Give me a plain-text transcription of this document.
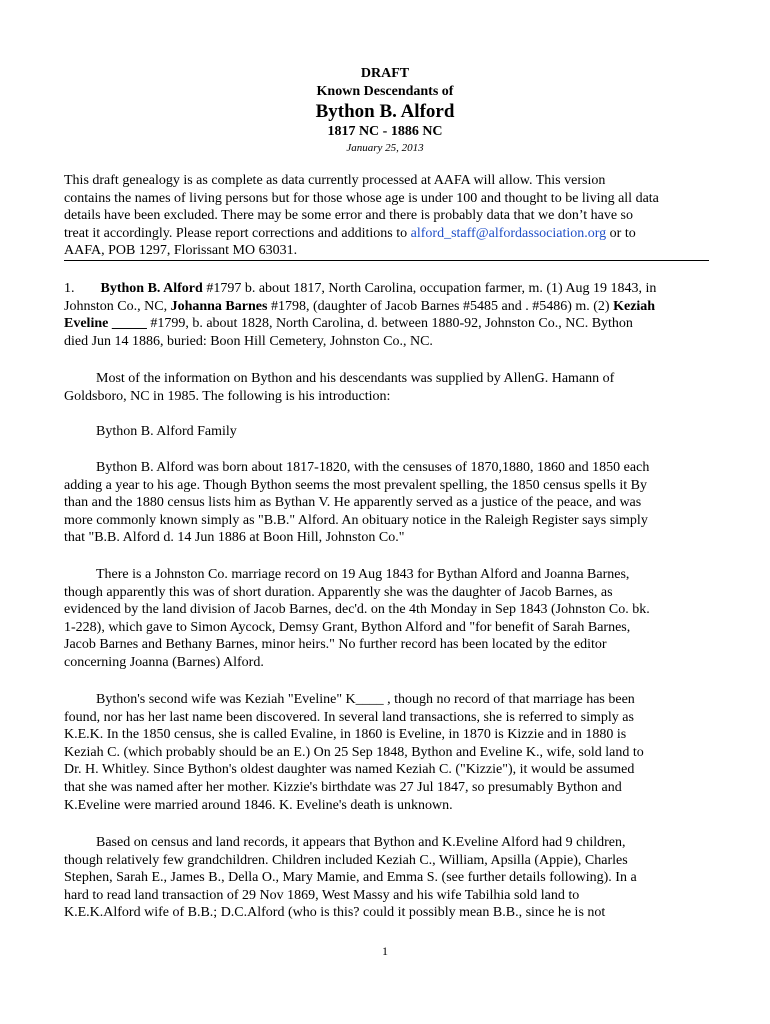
DRAFT
Known Descendants of
Bython B. Alford
1817 NC - 1886 NC
January 25, 2013
This draft genealogy is as complete as data currently processed at AAFA will allow. This version
contains the names of living persons but for those whose age is under 100 and thought to be living all data
details have been excluded. There may be some error and there is probably data that we don’t have so
treat it accordingly. Please report corrections and additions to alford_staff@alfordassociation.org or to
AAFA, POB 1297, Florissant MO 63031.
1. Bython B. Alford #1797 b. about 1817, North Carolina, occupation farmer, m. (1) Aug 19 1843, in
Johnston Co., NC, Johanna Barnes #1798, (daughter of Jacob Barnes #5485 and . #5486) m. (2) Keziah
Eveline _____ #1799, b. about 1828, North Carolina, d. between 1880-92, Johnston Co., NC. Bython
died Jun 14 1886, buried: Boon Hill Cemetery, Johnston Co., NC.
Most of the information on Bython and his descendants was supplied by AllenG. Hamann of
Goldsboro, NC in 1985. The following is his introduction:
Bython B. Alford Family
Bython B. Alford was born about 1817-1820, with the censuses of 1870,1880, 1860 and 1850 each
adding a year to his age. Though Bython seems the most prevalent spelling, the 1850 census spells it By
than and the 1880 census lists him as Bythan V. He apparently served as a justice of the peace, and was
more commonly known simply as "B.B." Alford. An obituary notice in the Raleigh Register says simply
that "B.B. Alford d. 14 Jun 1886 at Boon Hill, Johnston Co."
There is a Johnston Co. marriage record on 19 Aug 1843 for Bythan Alford and Joanna Barnes,
though apparently this was of short duration. Apparently she was the daughter of Jacob Barnes, as
evidenced by the land division of Jacob Barnes, dec'd. on the 4th Monday in Sep 1843 (Johnston Co. bk.
1-228), which gave to Simon Aycock, Demsy Grant, Bython Alford and "for benefit of Sarah Barnes,
Jacob Barnes and Bethany Barnes, minor heirs." No further record has been located by the editor
concerning Joanna (Barnes) Alford.
Bython's second wife was Keziah "Eveline" K____ , though no record of that marriage has been
found, nor has her last name been discovered. In several land transactions, she is referred to simply as
K.E.K. In the 1850 census, she is called Evaline, in 1860 is Eveline, in 1870 is Kizzie and in 1880 is
Keziah C. (which probably should be an E.) On 25 Sep 1848, Bython and Eveline K., wife, sold land to
Dr. H. Whitley. Since Bython's oldest daughter was named Keziah C. ("Kizzie"), it would be assumed
that she was named after her mother. Kizzie's birthdate was 27 Jul 1847, so presumably Bython and
K.Eveline were married around 1846. K. Eveline's death is unknown.
Based on census and land records, it appears that Bython and K.Eveline Alford had 9 children,
though relatively few grandchildren. Children included Keziah C., William, Apsilla (Appie), Charles
Stephen, Sarah E., James B., Della O., Mary Mamie, and Emma S. (see further details following). In a
hard to read land transaction of 29 Nov 1869, West Massy and his wife Tabilhia sold land to
K.E.K.Alford wife of B.B.; D.C.Alford (who is this? could it possibly mean B.B., since he is not
1
